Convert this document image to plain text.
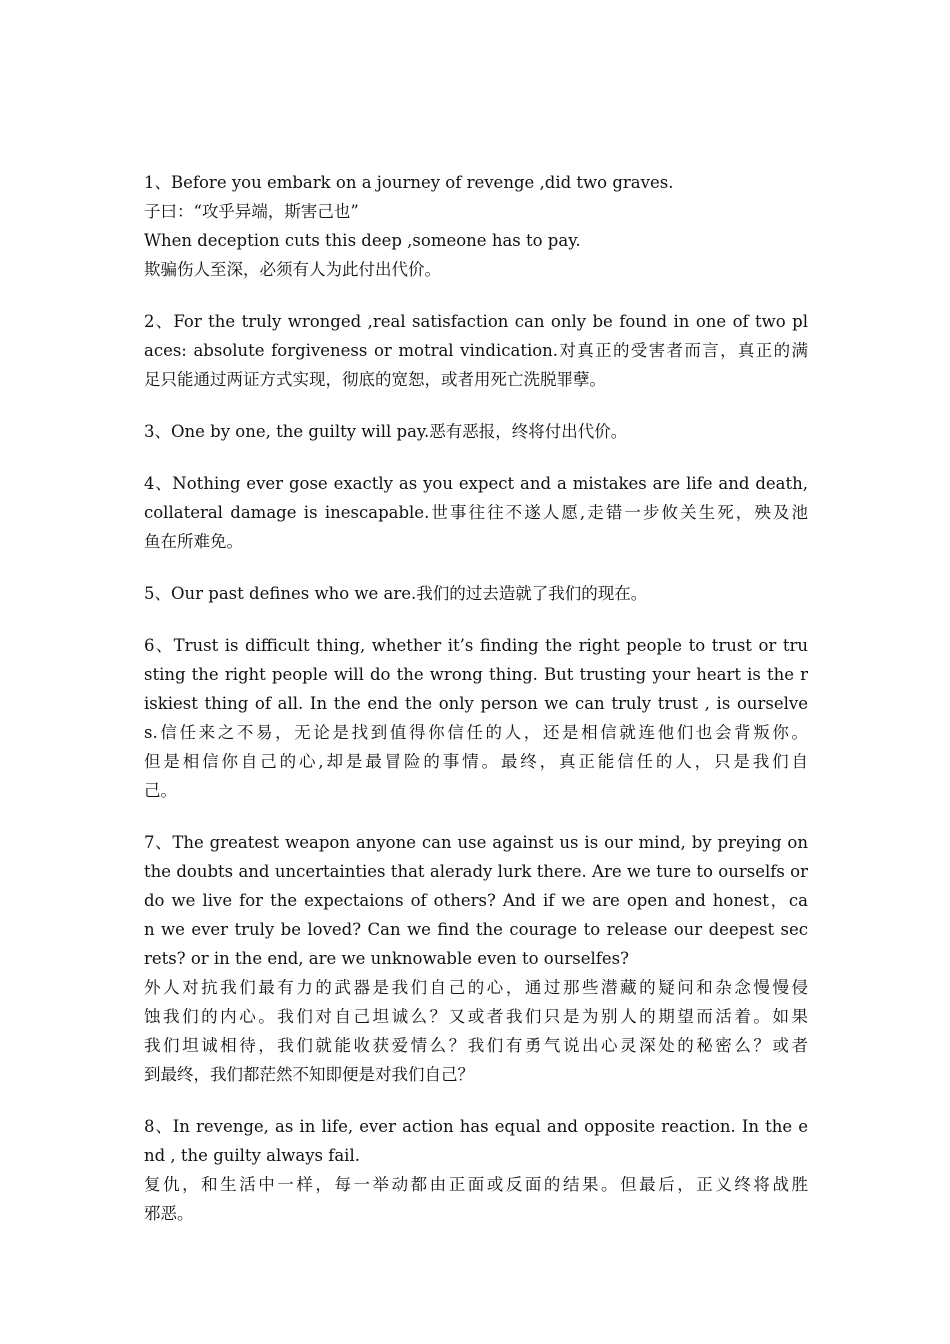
1、Before you embark on a journey of revenge ,did two graves.
子曰：“攻乎异端，斯害己也”
When deception cuts this deep ,someone has to pay.
欺骗伤人至深，必须有人为此付出代价。
2、For the truly wronged ,real satisfaction can only be found in one of two pl
aces: absolute forgiveness or motral vindication.对真正的受害者而言，真正的满
足只能通过两证方式实现，彻底的宽恕，或者用死亡洗脱罪孽。
3、One by one, the guilty will pay.恶有恶报，终将付出代价。
4、Nothing ever gose exactly as you expect and a mistakes are life and death,
collateral damage is inescapable.世事往往不遂人愿,走错一步攸关生死，殃及池
鱼在所难免。
5、Our past defines who we are.我们的过去造就了我们的现在。
6、Trust is difficult thing, whether it’s finding the right people to trust or tru
sting the right people will do the wrong thing. But trusting your heart is the r
iskiest thing of all. In the end the only person we can truly trust , is ourselve
s.信任来之不易，无论是找到值得你信任的人，还是相信就连他们也会背叛你。
但是相信你自己的心,却是最冒险的事情。最终，真正能信任的人，只是我们自
己。
7、The greatest weapon anyone can use against us is our mind, by preying on
the doubts and uncertainties that alerady lurk there. Are we ture to ourselfs or
do we live for the expectaions of others? And if we are open and honest，ca
n we ever truly be loved? Can we find the courage to release our deepest sec
rets? or in the end, are we unknowable even to ourselfes?
外人对抗我们最有力的武器是我们自己的心，通过那些潜藏的疑问和杂念慢慢侵
蚀我们的内心。我们对自己坦诚么？又或者我们只是为别人的期望而活着。如果
我们坦诚相待，我们就能收获爱情么？我们有勇气说出心灵深处的秘密么？或者
到最终，我们都茫然不知即便是对我们自己？
8、In revenge, as in life, ever action has equal and opposite reaction. In the e
nd , the guilty always fail.
复仇，和生活中一样，每一举动都由正面或反面的结果。但最后，正义终将战胜
邪恶。
